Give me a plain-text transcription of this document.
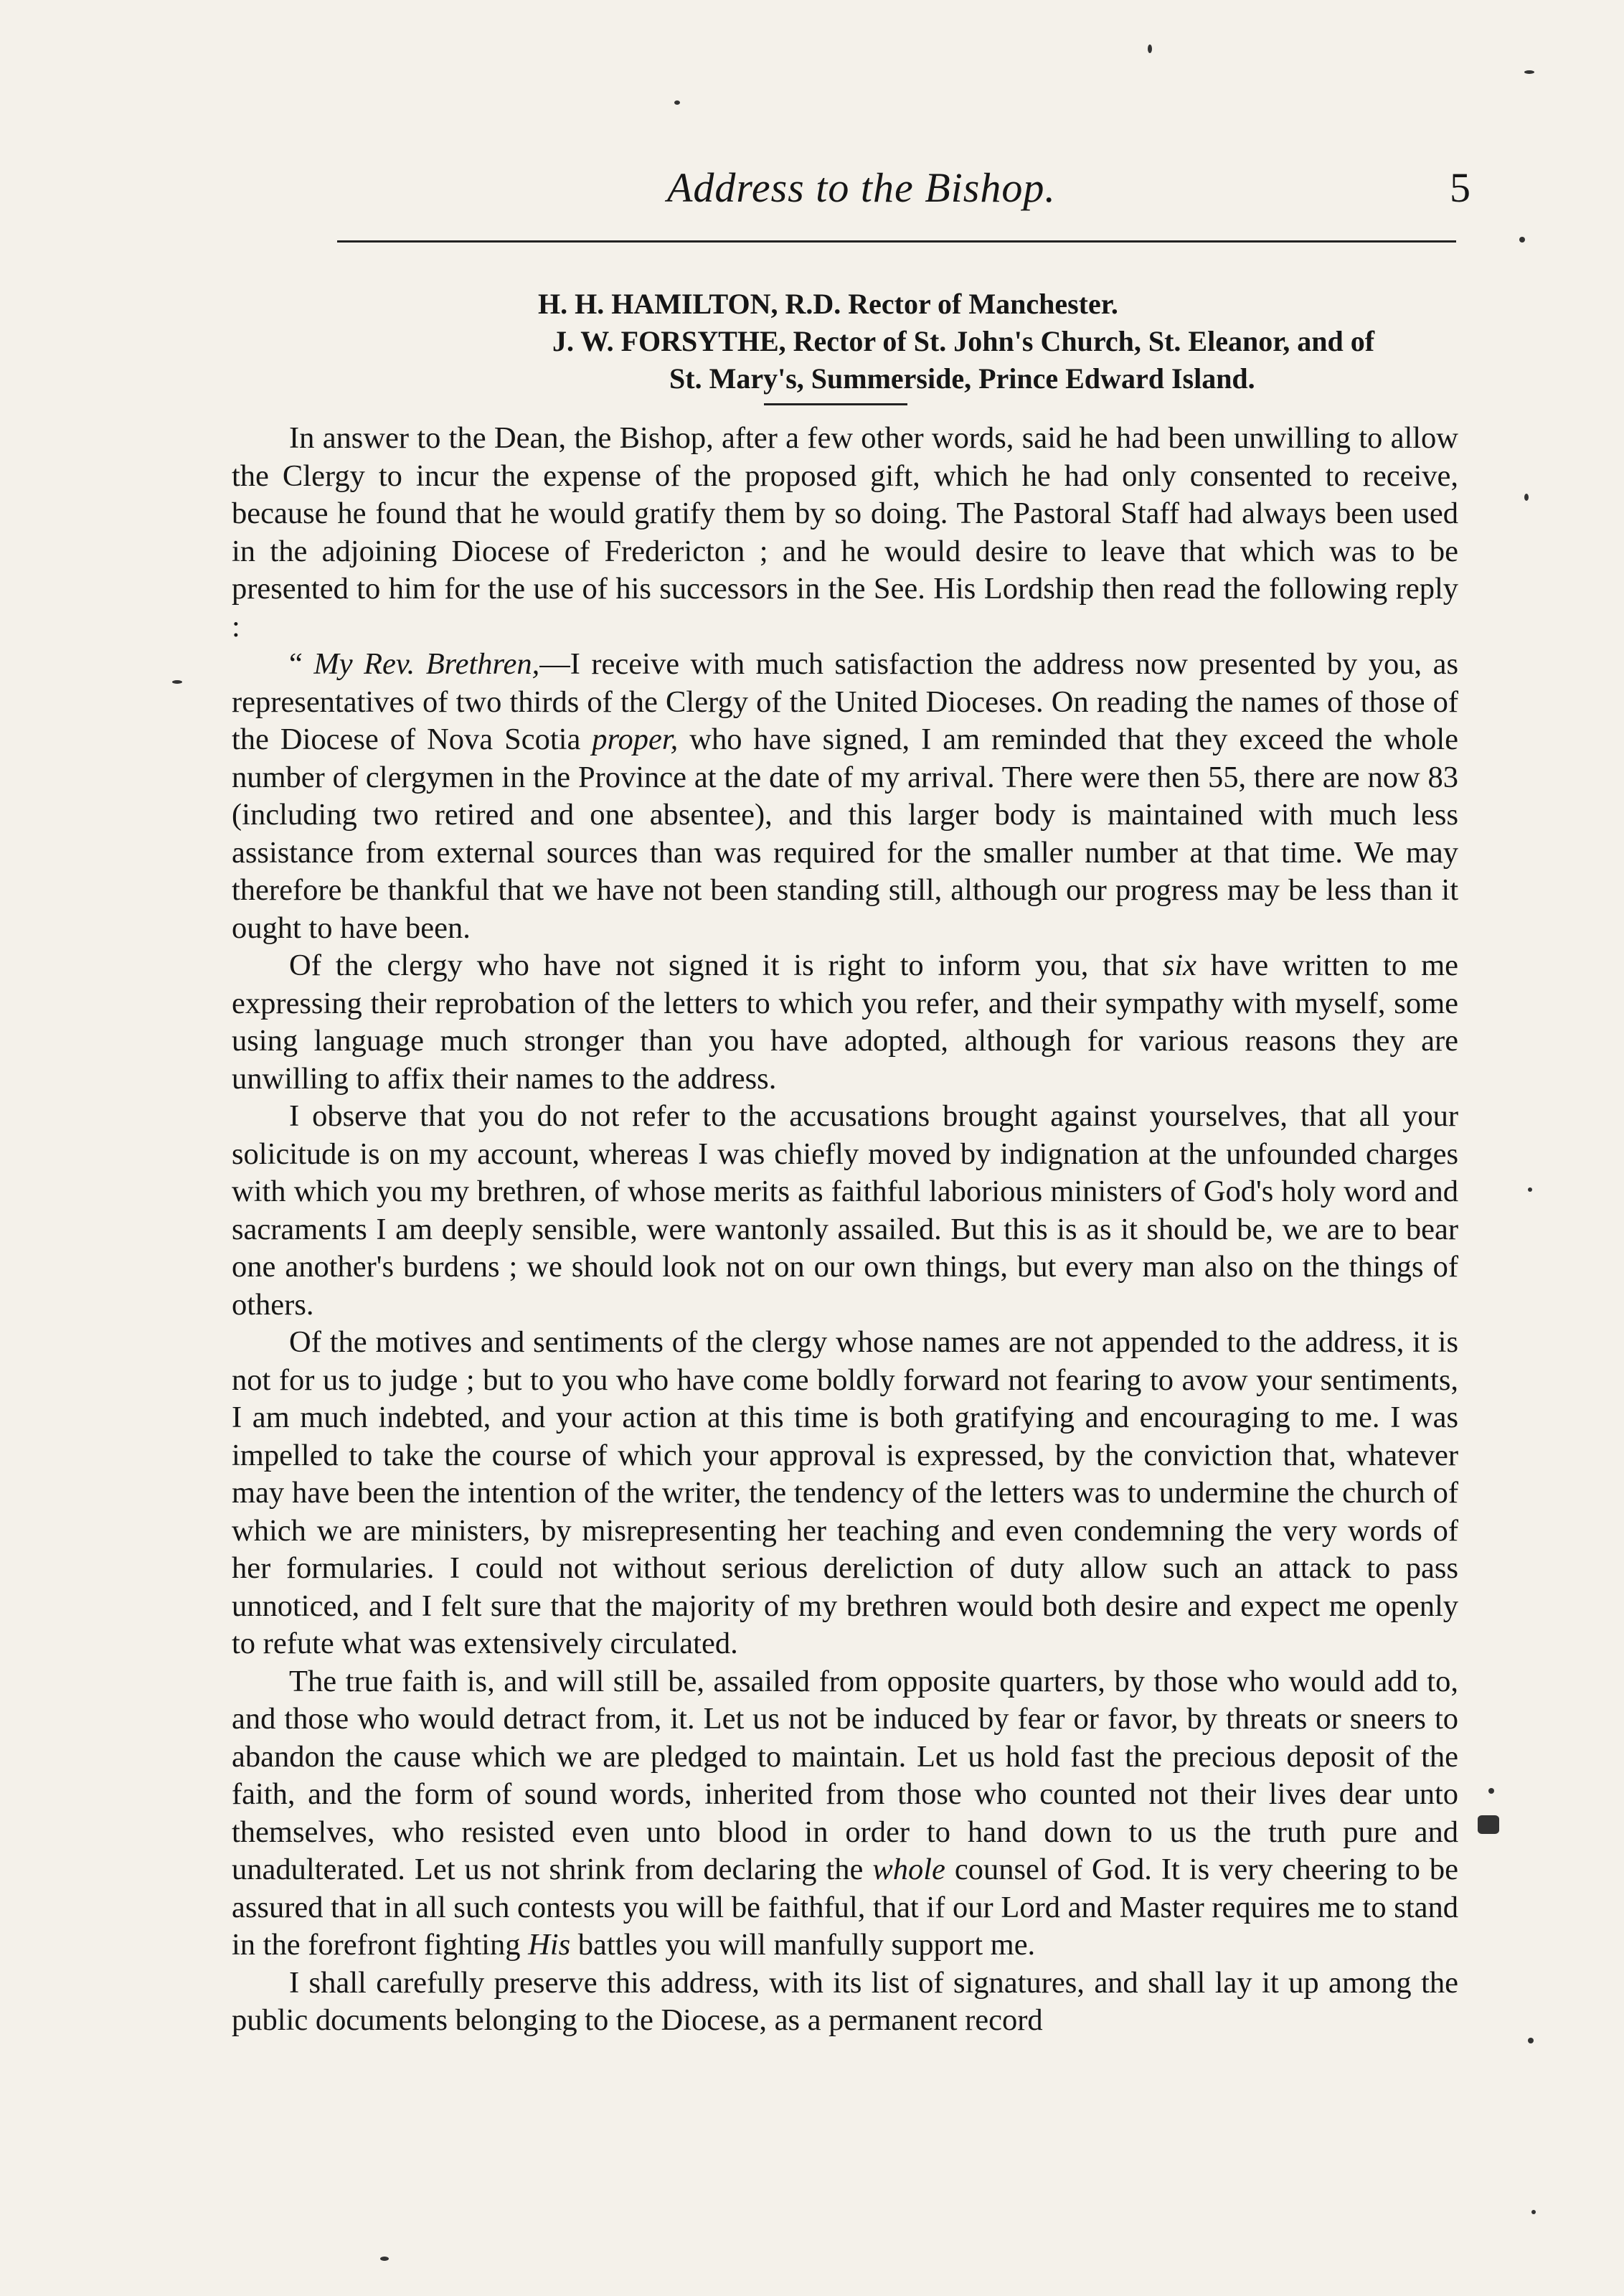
Address to the Bishop.	5
H. H. HAMILTON, R.D. Rector of Manchester.
J. W. FORSYTHE, Rector of St. John's Church, St. Eleanor, and of
St. Mary's, Summerside, Prince Edward Island.

In answer to the Dean, the Bishop, after a few other words, said he had been unwilling to allow the Clergy to incur the expense of the proposed gift, which he had only consented to receive, because he found that he would gratify them by so doing. The Pastoral Staff had always been used in the adjoining Diocese of Fredericton ; and he would desire to leave that which was to be presented to him for the use of his successors in the See. His Lordship then read the following reply :

“ My Rev. Brethren,—I receive with much satisfaction the address now presented by you, as representatives of two thirds of the Clergy of the United Dioceses. On reading the names of those of the Diocese of Nova Scotia proper, who have signed, I am reminded that they exceed the whole number of clergymen in the Province at the date of my arrival. There were then 55, there are now 83 (including two retired and one absentee), and this larger body is maintained with much less assistance from external sources than was required for the smaller number at that time. We may therefore be thankful that we have not been standing still, although our progress may be less than it ought to have been.

Of the clergy who have not signed it is right to inform you, that six have written to me expressing their reprobation of the letters to which you refer, and their sympathy with myself, some using language much stronger than you have adopted, although for various reasons they are unwilling to affix their names to the address.

I observe that you do not refer to the accusations brought against yourselves, that all your solicitude is on my account, whereas I was chiefly moved by indignation at the unfounded charges with which you my brethren, of whose merits as faithful laborious ministers of God's holy word and sacraments I am deeply sensible, were wantonly assailed. But this is as it should be, we are to bear one another's burdens ; we should look not on our own things, but every man also on the things of others.

Of the motives and sentiments of the clergy whose names are not appended to the address, it is not for us to judge ; but to you who have come boldly forward not fearing to avow your sentiments, I am much indebted, and your action at this time is both gratifying and encouraging to me. I was impelled to take the course of which your approval is expressed, by the conviction that, whatever may have been the intention of the writer, the tendency of the letters was to undermine the church of which we are ministers, by misrepresenting her teaching and even condemning the very words of her formularies. I could not without serious dereliction of duty allow such an attack to pass unnoticed, and I felt sure that the majority of my brethren would both desire and expect me openly to refute what was extensively circulated.

The true faith is, and will still be, assailed from opposite quarters, by those who would add to, and those who would detract from, it. Let us not be induced by fear or favor, by threats or sneers to abandon the cause which we are pledged to maintain. Let us hold fast the precious deposit of the faith, and the form of sound words, inherited from those who counted not their lives dear unto themselves, who resisted even unto blood in order to hand down to us the truth pure and unadulterated. Let us not shrink from declaring the whole counsel of God. It is very cheering to be assured that in all such contests you will be faithful, that if our Lord and Master requires me to stand in the forefront fighting His battles you will manfully support me.

I shall carefully preserve this address, with its list of signatures, and shall lay it up among the public documents belonging to the Diocese, as a permanent record
